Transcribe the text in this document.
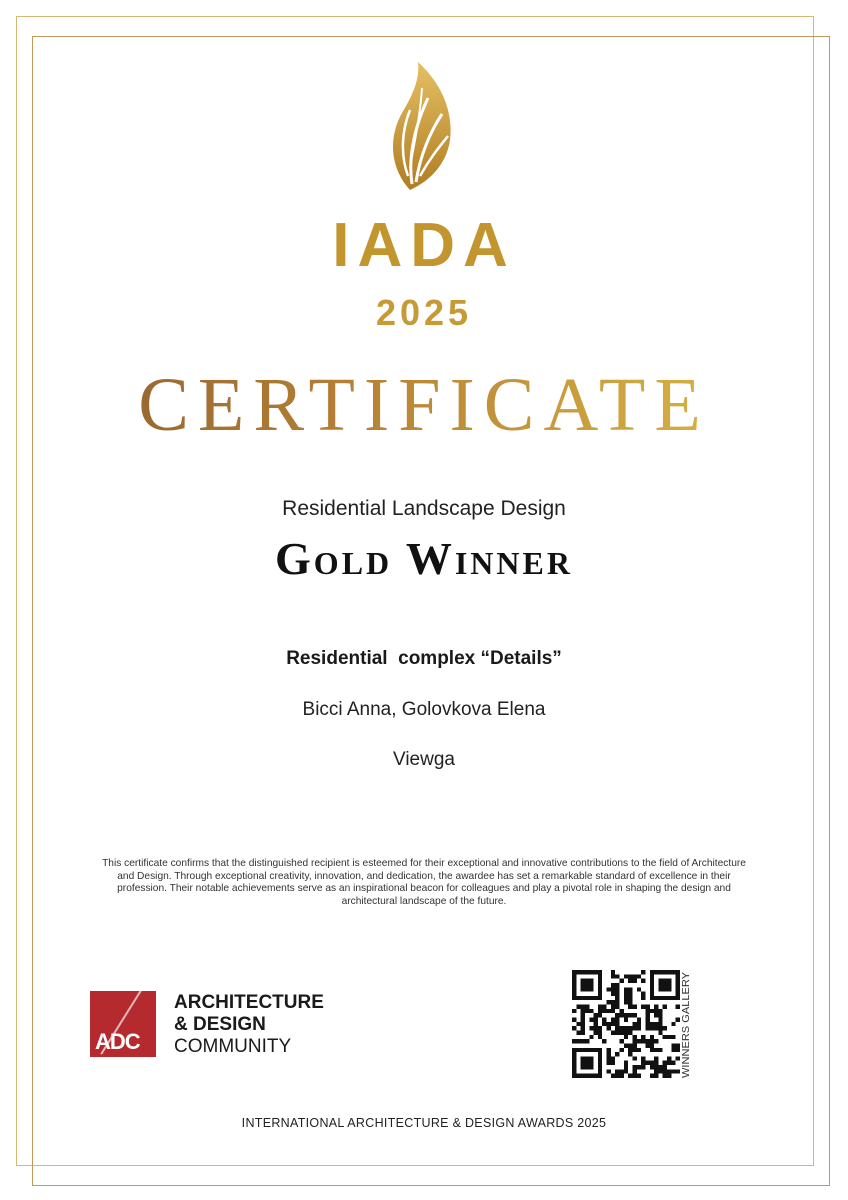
IADA
2025
CERTIFICATE
Residential Landscape Design
Gold Winner
Residential  complex “Details”
Bicci Anna, Golovkova Elena
Viewga
This certificate confirms that the distinguished recipient is esteemed for their exceptional and innovative contributions to the field of Architecture and Design. Through exceptional creativity, innovation, and dedication, the awardee has set a remarkable standard of excellence in their profession. Their notable achievements serve as an inspirational beacon for colleagues and play a pivotal role in shaping the design and architectural landscape of the future.
ADC
ARCHITECTURE
& DESIGN
COMMUNITY	WINNERS GALLERY
INTERNATIONAL ARCHITECTURE & DESIGN AWARDS 2025
